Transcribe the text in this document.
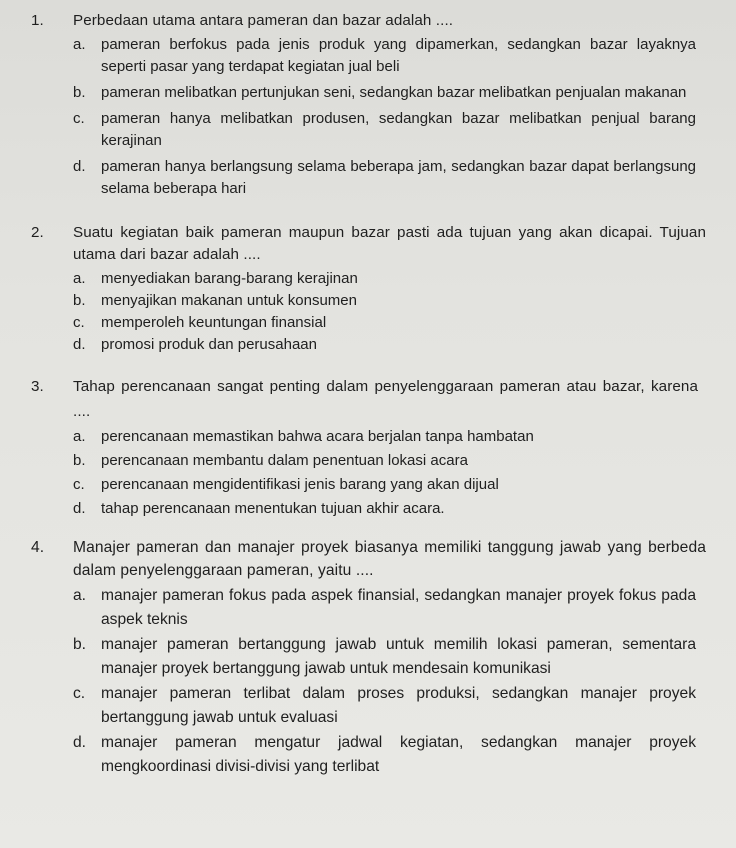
1. Perbedaan utama antara pameran dan bazar adalah ....
a. pameran berfokus pada jenis produk yang dipamerkan, sedangkan bazar layaknya seperti pasar yang terdapat kegiatan jual beli
b. pameran melibatkan pertunjukan seni, sedangkan bazar melibatkan penjualan makanan
c. pameran hanya melibatkan produsen, sedangkan bazar melibatkan penjual barang kerajinan
d. pameran hanya berlangsung selama beberapa jam, sedangkan bazar dapat berlangsung selama beberapa hari
2. Suatu kegiatan baik pameran maupun bazar pasti ada tujuan yang akan dicapai. Tujuan utama dari bazar adalah ....
a. menyediakan barang-barang kerajinan
b. menyajikan makanan untuk konsumen
c. memperoleh keuntungan finansial
d. promosi produk dan perusahaan
3. Tahap perencanaan sangat penting dalam penyelenggaraan pameran atau bazar, karena ....
a. perencanaan memastikan bahwa acara berjalan tanpa hambatan
b. perencanaan membantu dalam penentuan lokasi acara
c. perencanaan mengidentifikasi jenis barang yang akan dijual
d. tahap perencanaan menentukan tujuan akhir acara.
4. Manajer pameran dan manajer proyek biasanya memiliki tanggung jawab yang berbeda dalam penyelenggaraan pameran, yaitu ....
a. manajer pameran fokus pada aspek finansial, sedangkan manajer proyek fokus pada aspek teknis
b. manajer pameran bertanggung jawab untuk memilih lokasi pameran, sementara manajer proyek bertanggung jawab untuk mendesain komunikasi
c. manajer pameran terlibat dalam proses produksi, sedangkan manajer proyek bertanggung jawab untuk evaluasi
d. manajer pameran mengatur jadwal kegiatan, sedangkan manajer proyek mengkoordinasi divisi-divisi yang terlibat
